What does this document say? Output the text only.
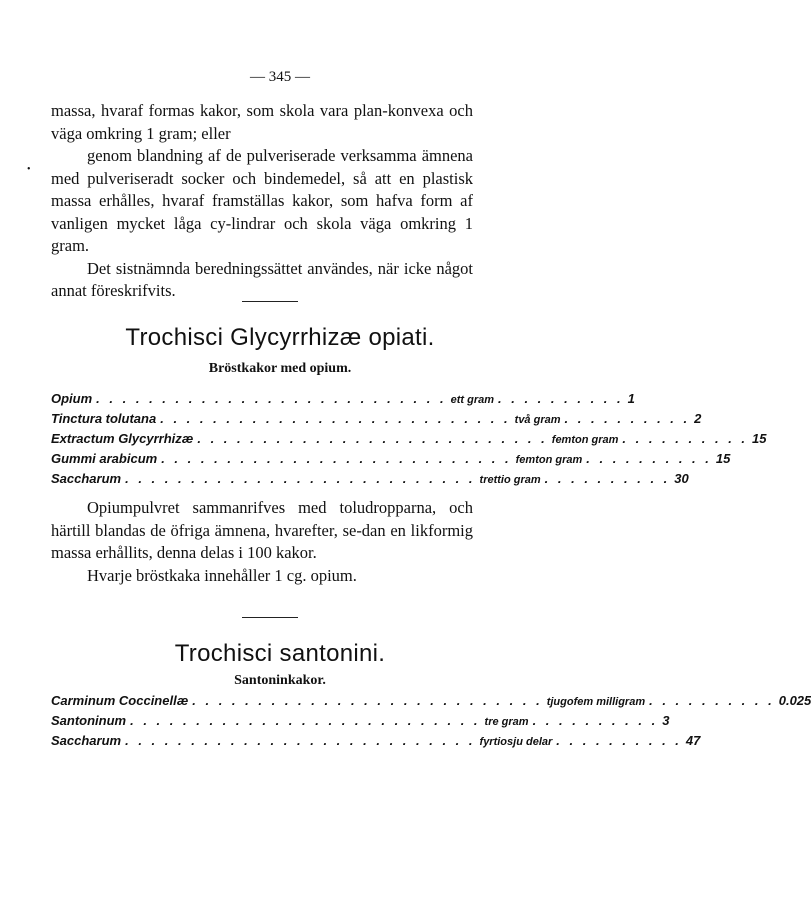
— 345 —
•

massa, hvaraf formas kakor, som skola vara plan-konvexa och väga omkring 1 gram; eller

genom blandning af de pulveriserade verksamma ämnena med pulveriseradt socker och bindemedel, så att en plastisk massa erhålles, hvaraf framställas kakor, som hafva form af vanligen mycket låga cy-lindrar och skola väga omkring 1 gram.

Det sistnämnda beredningssättet användes, när icke något annat föreskrifvits.

Trochisci Glycyrrhizæ opiati.
Bröstkakor med opium.
Opium . . . . . . . . . . . . . . . . . . . . . . . . . . . ett gram . . . . . . . . . . 1
Tinctura tolutana . . . . . . . . . . . . . . . . . . . . . . . . . . . två gram . . . . . . . . . . 2
Extractum Glycyrrhizæ . . . . . . . . . . . . . . . . . . . . . . . . . . . femton gram . . . . . . . . . . 15
Gummi arabicum . . . . . . . . . . . . . . . . . . . . . . . . . . . femton gram . . . . . . . . . . 15
Saccharum . . . . . . . . . . . . . . . . . . . . . . . . . . . trettio gram . . . . . . . . . . 30

Opiumpulvret sammanrifves med toludropparna, och härtill blandas de öfriga ämnena, hvarefter, se-dan en likformig massa erhållits, denna delas i 100 kakor.

Hvarje bröstkaka innehåller 1 cg. opium.

Trochisci santonini.
Santoninkakor.
Carminum Coccinellæ . . . . . . . . . . . . . . . . . . . . . . . . . . . tjugofem milligram . . . . . . . . . . 0.025
Santoninum . . . . . . . . . . . . . . . . . . . . . . . . . . . tre gram . . . . . . . . . . 3
Saccharum . . . . . . . . . . . . . . . . . . . . . . . . . . . fyrtiosju delar . . . . . . . . . . 47
